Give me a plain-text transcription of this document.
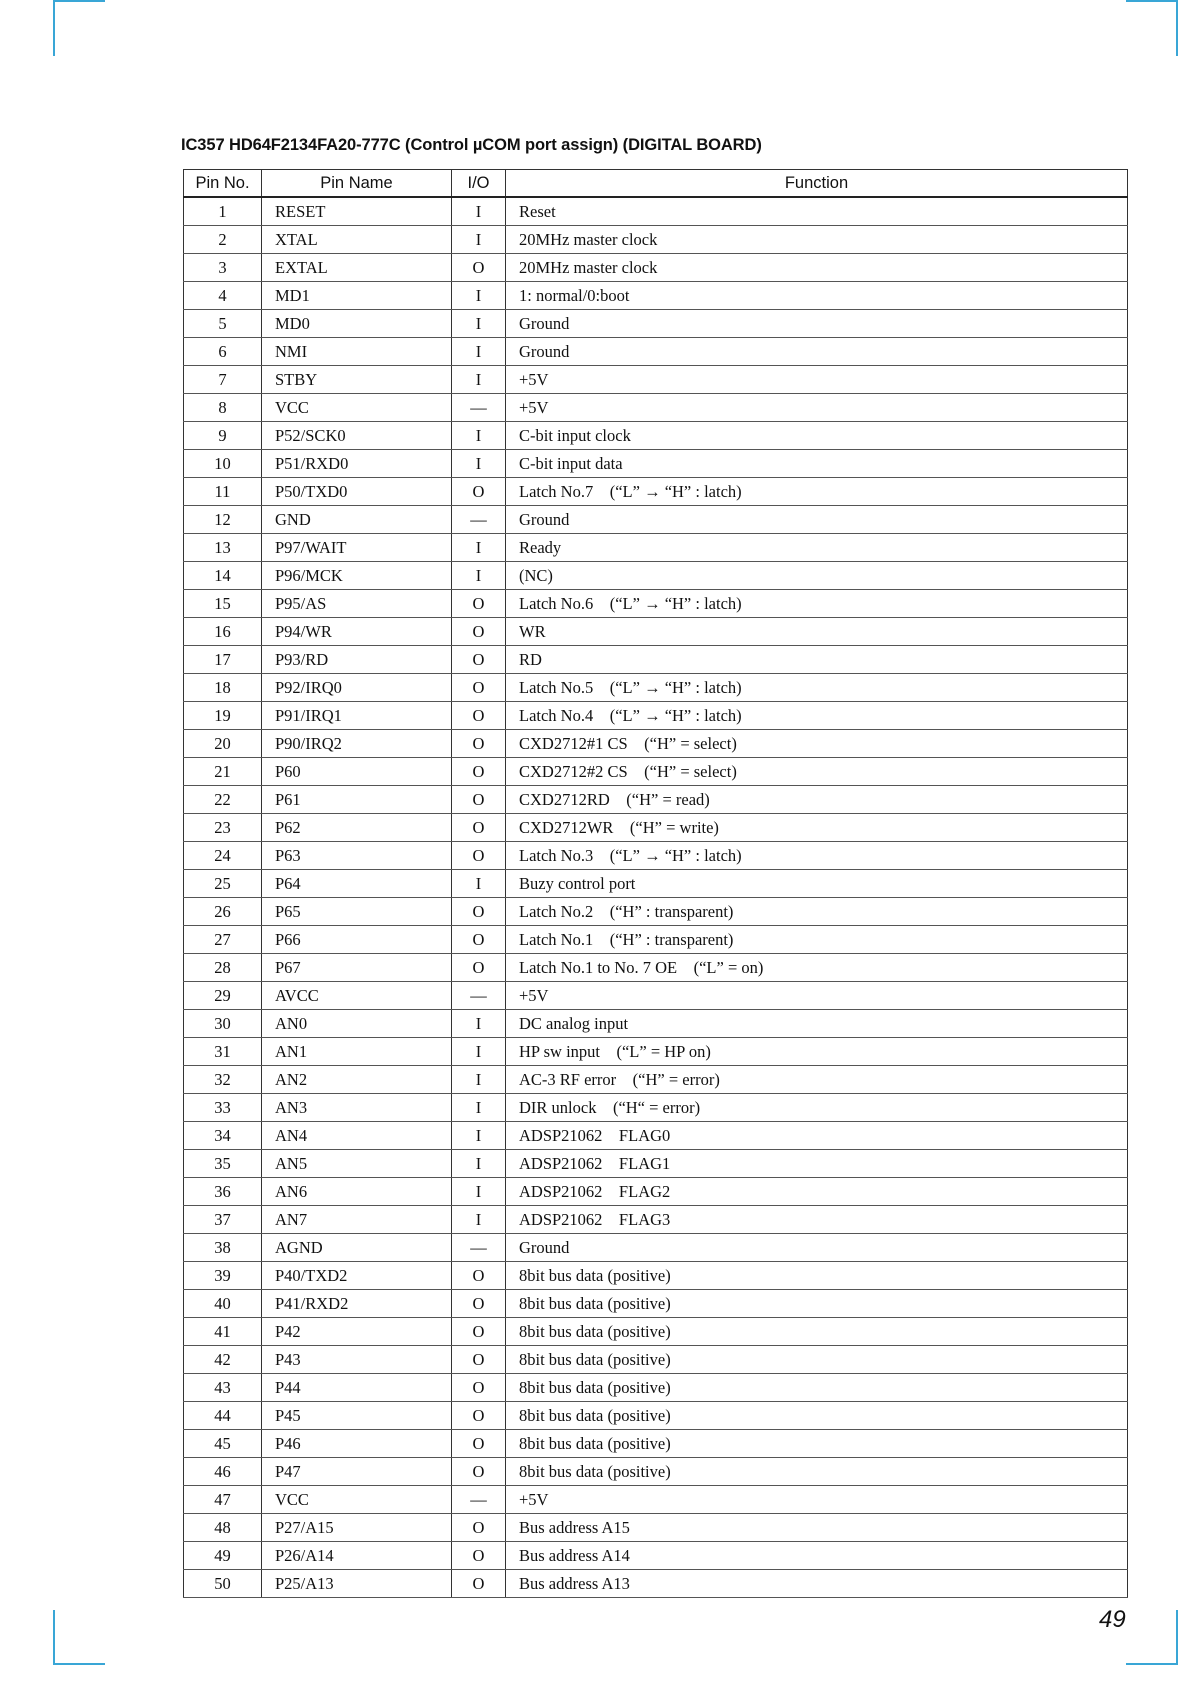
IC357 HD64F2134FA20-777C (Control µCOM port assign) (DIGITAL BOARD)
Pin No.	Pin Name	I/O	Function
1	RESET	I	Reset
2	XTAL	I	20MHz master clock
3	EXTAL	O	20MHz master clock
4	MD1	I	1: normal/0:boot
5	MD0	I	Ground
6	NMI	I	Ground
7	STBY	I	+5V
8	VCC	—	+5V
9	P52/SCK0	I	C-bit input clock
10	P51/RXD0	I	C-bit input data
11	P50/TXD0	O	Latch No.7    (“L” → “H” : latch)
12	GND	—	Ground
13	P97/WAIT	I	Ready
14	P96/MCK	I	(NC)
15	P95/AS	O	Latch No.6    (“L” → “H” : latch)
16	P94/WR	O	WR
17	P93/RD	O	RD
18	P92/IRQ0	O	Latch No.5    (“L” → “H” : latch)
19	P91/IRQ1	O	Latch No.4    (“L” → “H” : latch)
20	P90/IRQ2	O	CXD2712#1 CS    (“H” = select)
21	P60	O	CXD2712#2 CS    (“H” = select)
22	P61	O	CXD2712RD    (“H” = read)
23	P62	O	CXD2712WR    (“H” = write)
24	P63	O	Latch No.3    (“L” → “H” : latch)
25	P64	I	Buzy control port
26	P65	O	Latch No.2    (“H” : transparent)
27	P66	O	Latch No.1    (“H” : transparent)
28	P67	O	Latch No.1 to No. 7 OE    (“L” = on)
29	AVCC	—	+5V
30	AN0	I	DC analog input
31	AN1	I	HP sw input    (“L” = HP on)
32	AN2	I	AC-3 RF error    (“H” = error)
33	AN3	I	DIR unlock    (“H“ = error)
34	AN4	I	ADSP21062    FLAG0
35	AN5	I	ADSP21062    FLAG1
36	AN6	I	ADSP21062    FLAG2
37	AN7	I	ADSP21062    FLAG3
38	AGND	—	Ground
39	P40/TXD2	O	8bit bus data (positive)
40	P41/RXD2	O	8bit bus data (positive)
41	P42	O	8bit bus data (positive)
42	P43	O	8bit bus data (positive)
43	P44	O	8bit bus data (positive)
44	P45	O	8bit bus data (positive)
45	P46	O	8bit bus data (positive)
46	P47	O	8bit bus data (positive)
47	VCC	—	+5V
48	P27/A15	O	Bus address A15
49	P26/A14	O	Bus address A14
50	P25/A13	O	Bus address A13
49
